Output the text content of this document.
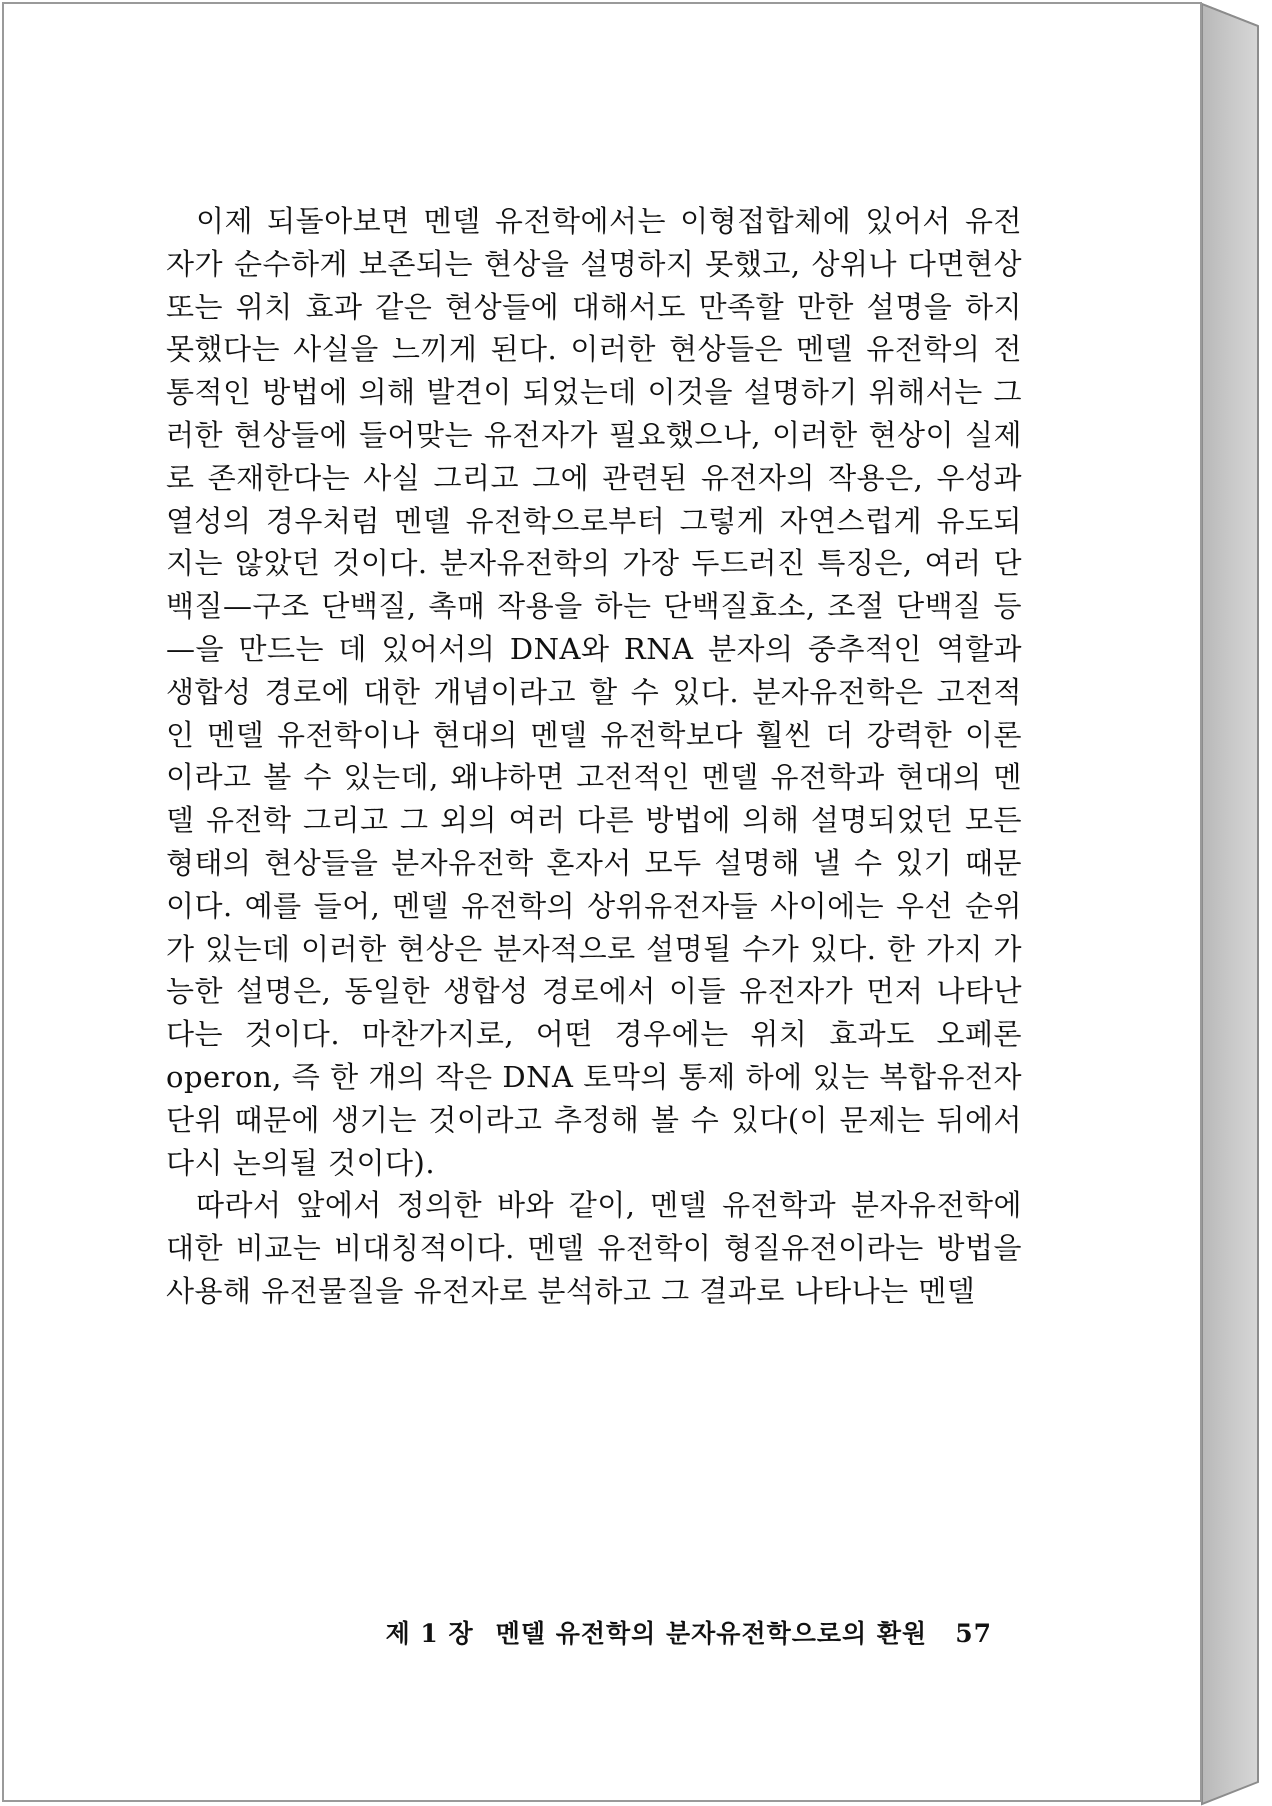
이제 되돌아보면 멘델 유전학에서는 이형접합체에 있어서 유전자가 순수하게 보존되는 현상을 설명하지 못했고, 상위나 다면현상 또는 위치 효과 같은 현상들에 대해서도 만족할 만한 설명을 하지 못했다는 사실을 느끼게 된다. 이러한 현상들은 멘델 유전학의 전통적인 방법에 의해 발견이 되었는데 이것을 설명하기 위해서는 그러한 현상들에 들어맞는 유전자가 필요했으나, 이러한 현상이 실제로 존재한다는 사실 그리고 그에 관련된 유전자의 작용은, 우성과 열성의 경우처럼 멘델 유전학으로부터 그렇게 자연스럽게 유도되지는 않았던 것이다. 분자유전학의 가장 두드러진 특징은, 여러 단백질—구조 단백질, 촉매 작용을 하는 단백질효소, 조절 단백질 등—을 만드는 데 있어서의 DNA와 RNA 분자의 중추적인 역할과 생합성 경로에 대한 개념이라고 할 수 있다. 분자유전학은 고전적인 멘델 유전학이나 현대의 멘델 유전학보다 훨씬 더 강력한 이론이라고 볼 수 있는데, 왜냐하면 고전적인 멘델 유전학과 현대의 멘델 유전학 그리고 그 외의 여러 다른 방법에 의해 설명되었던 모든 형태의 현상들을 분자유전학 혼자서 모두 설명해 낼 수 있기 때문이다. 예를 들어, 멘델 유전학의 상위유전자들 사이에는 우선 순위가 있는데 이러한 현상은 분자적으로 설명될 수가 있다. 한 가지 가능한 설명은, 동일한 생합성 경로에서 이들 유전자가 먼저 나타난다는 것이다. 마찬가지로, 어떤 경우에는 위치 효과도 오페론operon, 즉 한 개의 작은 DNA 토막의 통제 하에 있는 복합유전자 단위 때문에 생기는 것이라고 추정해 볼 수 있다(이 문제는 뒤에서 다시 논의될 것이다).

따라서 앞에서 정의한 바와 같이, 멘델 유전학과 분자유전학에 대한 비교는 비대칭적이다. 멘델 유전학이 형질유전이라는 방법을 사용해 유전물질을 유전자로 분석하고 그 결과로 나타나는 멘델

제 1 장 멘델 유전학의 분자유전학으로의 환원 57
